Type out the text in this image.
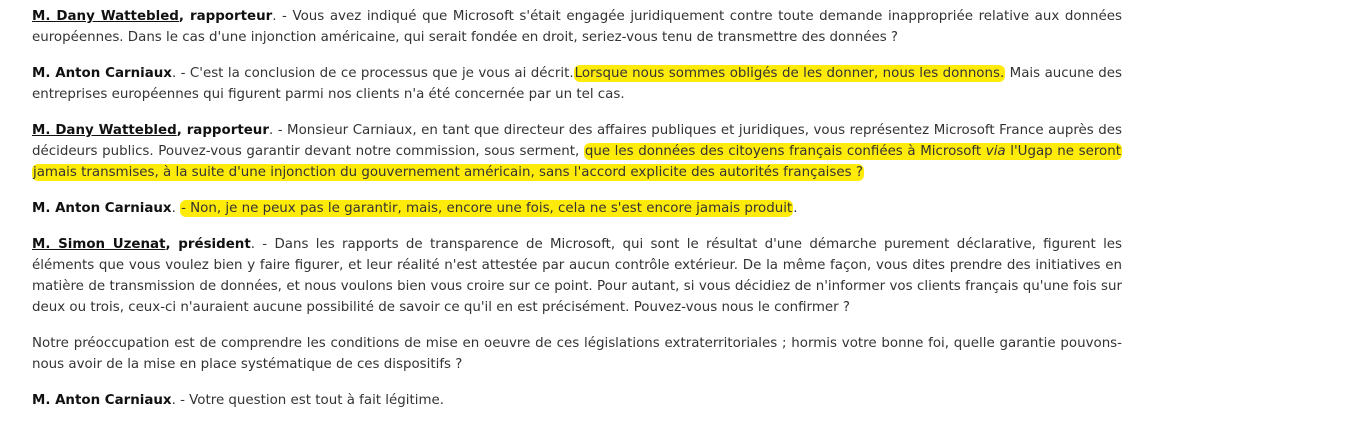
M. Dany Wattebled, rapporteur. - Vous avez indiqué que Microsoft s'était engagée juridiquement contre toute demande inappropriée relative aux données européennes. Dans le cas d'une injonction américaine, qui serait fondée en droit, seriez-vous tenu de transmettre des données ?

M. Anton Carniaux. - C'est la conclusion de ce processus que je vous ai décrit.Lorsque nous sommes obligés de les donner, nous les donnons. Mais aucune des entreprises européennes qui figurent parmi nos clients n'a été concernée par un tel cas.

M. Dany Wattebled, rapporteur. - Monsieur Carniaux, en tant que directeur des affaires publiques et juridiques, vous représentez Microsoft France auprès des décideurs publics. Pouvez-vous garantir devant notre commission, sous serment, que les données des citoyens français confiées à Microsoft via l'Ugap ne seront jamais transmises, à la suite d'une injonction du gouvernement américain, sans l'accord explicite des autorités françaises ?

M. Anton Carniaux. - Non, je ne peux pas le garantir, mais, encore une fois, cela ne s'est encore jamais produit.

M. Simon Uzenat, président. - Dans les rapports de transparence de Microsoft, qui sont le résultat d'une démarche purement déclarative, figurent les éléments que vous voulez bien y faire figurer, et leur réalité n'est attestée par aucun contrôle extérieur. De la même façon, vous dites prendre des initiatives en matière de transmission de données, et nous voulons bien vous croire sur ce point. Pour autant, si vous décidiez de n'informer vos clients français qu'une fois sur deux ou trois, ceux-ci n'auraient aucune possibilité de savoir ce qu'il en est précisément. Pouvez-vous nous le confirmer ?

Notre préoccupation est de comprendre les conditions de mise en oeuvre de ces législations extraterritoriales ; hormis votre bonne foi, quelle garantie pouvons-nous avoir de la mise en place systématique de ces dispositifs ?

M. Anton Carniaux. - Votre question est tout à fait légitime.
